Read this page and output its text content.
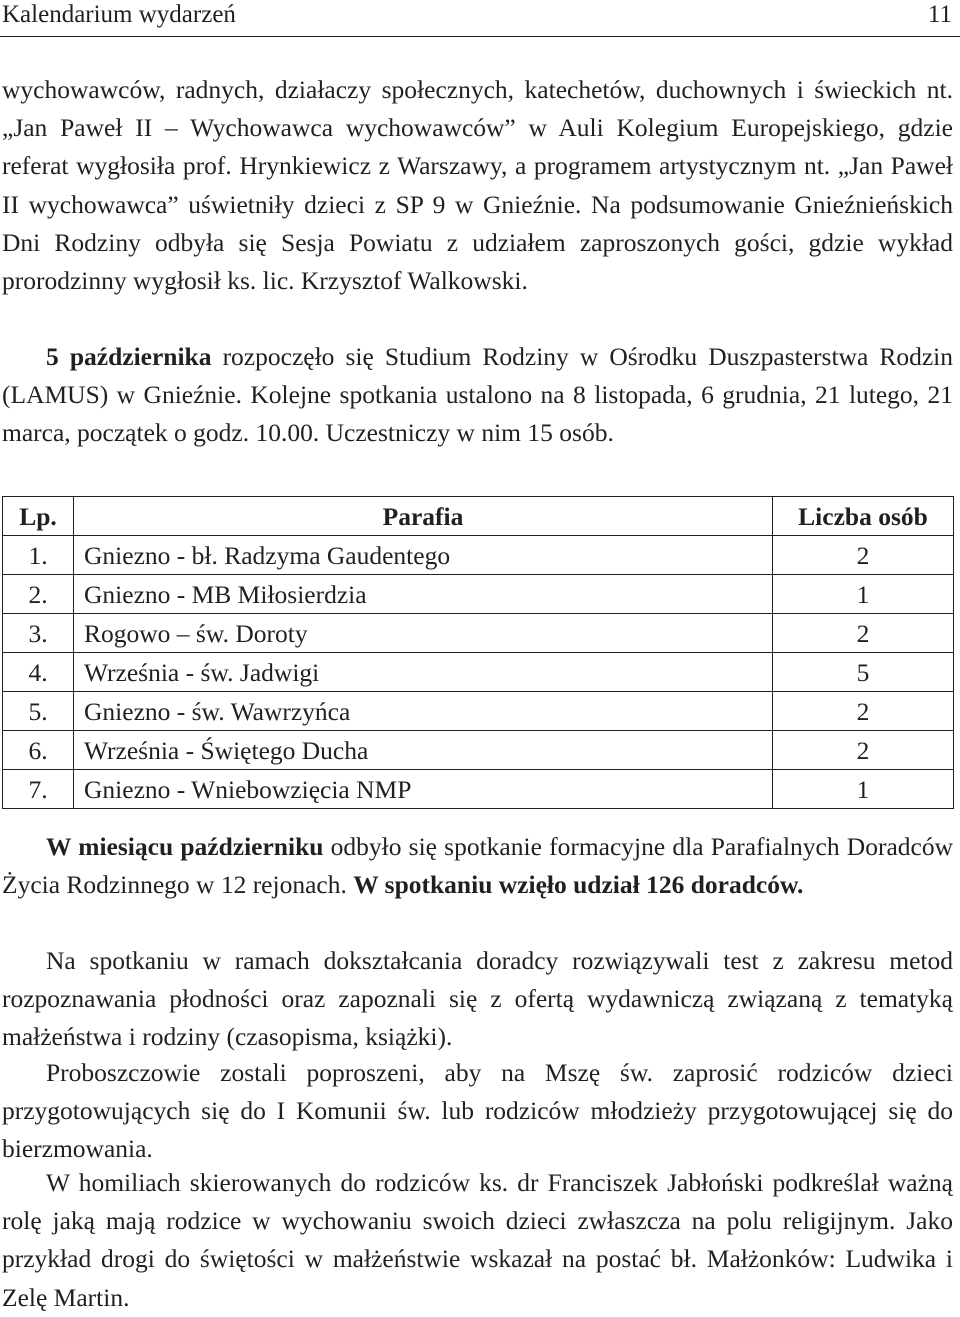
Kalendarium wydarzeń	11

wychowawców, radnych, działaczy społecznych, katechetów, duchownych i świeckich nt. „Jan Paweł II – Wychowawca wychowawców” w Auli Kolegium Europejskiego, gdzie referat wygłosiła prof. Hrynkiewicz z Warszawy, a programem artystycznym nt. „Jan Paweł II wychowawca” uświetniły dzieci z SP 9 w Gnieźnie. Na podsumowanie Gnieźnieńskich Dni Rodziny odbyła się Sesja Powiatu z udziałem zaproszonych gości, gdzie wykład prorodzinny wygłosił ks. lic. Krzysztof Walkowski.

5 października rozpoczęło się Studium Rodziny w Ośrodku Duszpasterstwa Rodzin (LAMUS) w Gnieźnie. Kolejne spotkania ustalono na 8 listopada, 6 grudnia, 21 lutego, 21 marca, początek o godz. 10.00. Uczestniczy w nim 15 osób.

Lp.	Parafia	Liczba osób
1.	Gniezno - bł. Radzyma Gaudentego	2
2.	Gniezno - MB Miłosierdzia	1
3.	Rogowo – św. Doroty	2
4.	Września - św. Jadwigi	5
5.	Gniezno - św. Wawrzyńca	2
6.	Września - Świętego Ducha	2
7.	Gniezno - Wniebowzięcia NMP	1

W miesiącu październiku odbyło się spotkanie formacyjne dla Parafialnych Doradców Życia Rodzinnego w 12 rejonach. W spotkaniu wzięło udział 126 doradców.

Na spotkaniu w ramach dokształcania doradcy rozwiązywali test z zakresu metod rozpoznawania płodności oraz zapoznali się z ofertą wydawniczą związaną z tematyką małżeństwa i rodziny (czasopisma, książki).

Proboszczowie zostali poproszeni, aby na Mszę św. zaprosić rodziców dzieci przygotowujących się do I Komunii św. lub rodziców młodzieży przygotowującej się do bierzmowania.

W homiliach skierowanych do rodziców ks. dr Franciszek Jabłoński podkreślał ważną rolę jaką mają rodzice w wychowaniu swoich dzieci zwłaszcza na polu religijnym. Jako przykład drogi do świętości w małżeństwie wskazał na postać bł. Małżonków: Ludwika i Zelę Martin.
